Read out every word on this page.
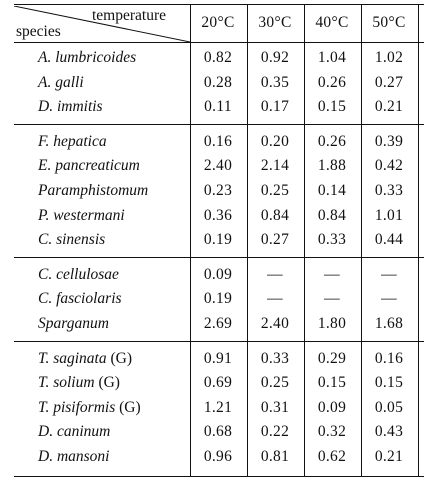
temperature
species
20°C	30°C	40°C	50°C
A. lumbricoides	0.82	0.92	1.04	1.02
A. galli	0.28	0.35	0.26	0.27
D. immitis	0.11	0.17	0.15	0.21
F. hepatica	0.16	0.20	0.26	0.39
E. pancreaticum	2.40	2.14	1.88	0.42
Paramphistomum	0.23	0.25	0.14	0.33
P. westermani	0.36	0.84	0.84	1.01
C. sinensis	0.19	0.27	0.33	0.44
C. cellulosae	0.09	—	—	—
C. fasciolaris	0.19	—	—	—
Sparganum	2.69	2.40	1.80	1.68
T. saginata (G)	0.91	0.33	0.29	0.16
T. solium (G)	0.69	0.25	0.15	0.15
T. pisiformis (G)	1.21	0.31	0.09	0.05
D. caninum	0.68	0.22	0.32	0.43
D. mansoni	0.96	0.81	0.62	0.21
